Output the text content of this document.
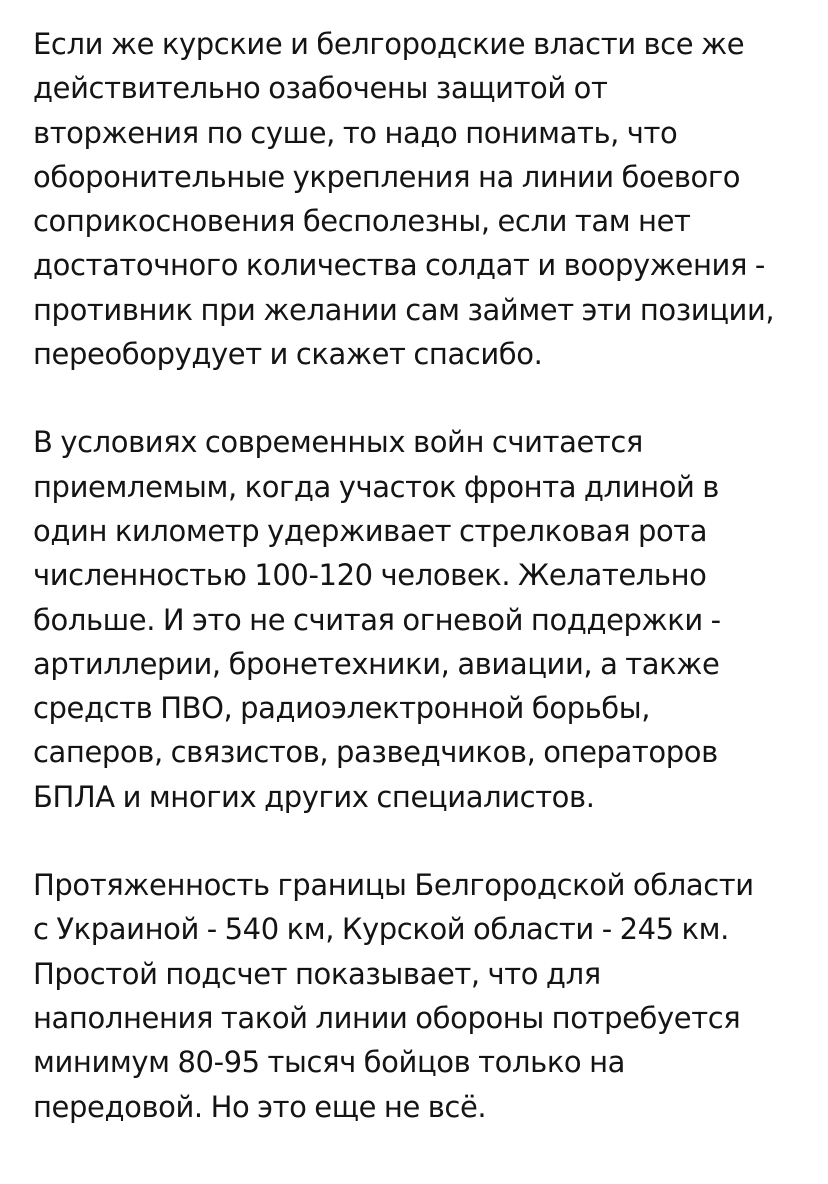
Если же курские и белгородские власти все же
действительно озабочены защитой от
вторжения по суше, то надо понимать, что
оборонительные укрепления на линии боевого
соприкосновения бесполезны, если там нет
достаточного количества солдат и вооружения -
противник при желании сам займет эти позиции,
переоборудует и скажет спасибо.

В условиях современных войн считается
приемлемым, когда участок фронта длиной в
один километр удерживает стрелковая рота
численностью 100-120 человек. Желательно
больше. И это не считая огневой поддержки -
артиллерии, бронетехники, авиации, а также
средств ПВО, радиоэлектронной борьбы,
саперов, связистов, разведчиков, операторов
БПЛА и многих других специалистов.

Протяженность границы Белгородской области
с Украиной - 540 км, Курской области - 245 км.
Простой подсчет показывает, что для
наполнения такой линии обороны потребуется
минимум 80-95 тысяч бойцов только на
передовой. Но это еще не всё.
